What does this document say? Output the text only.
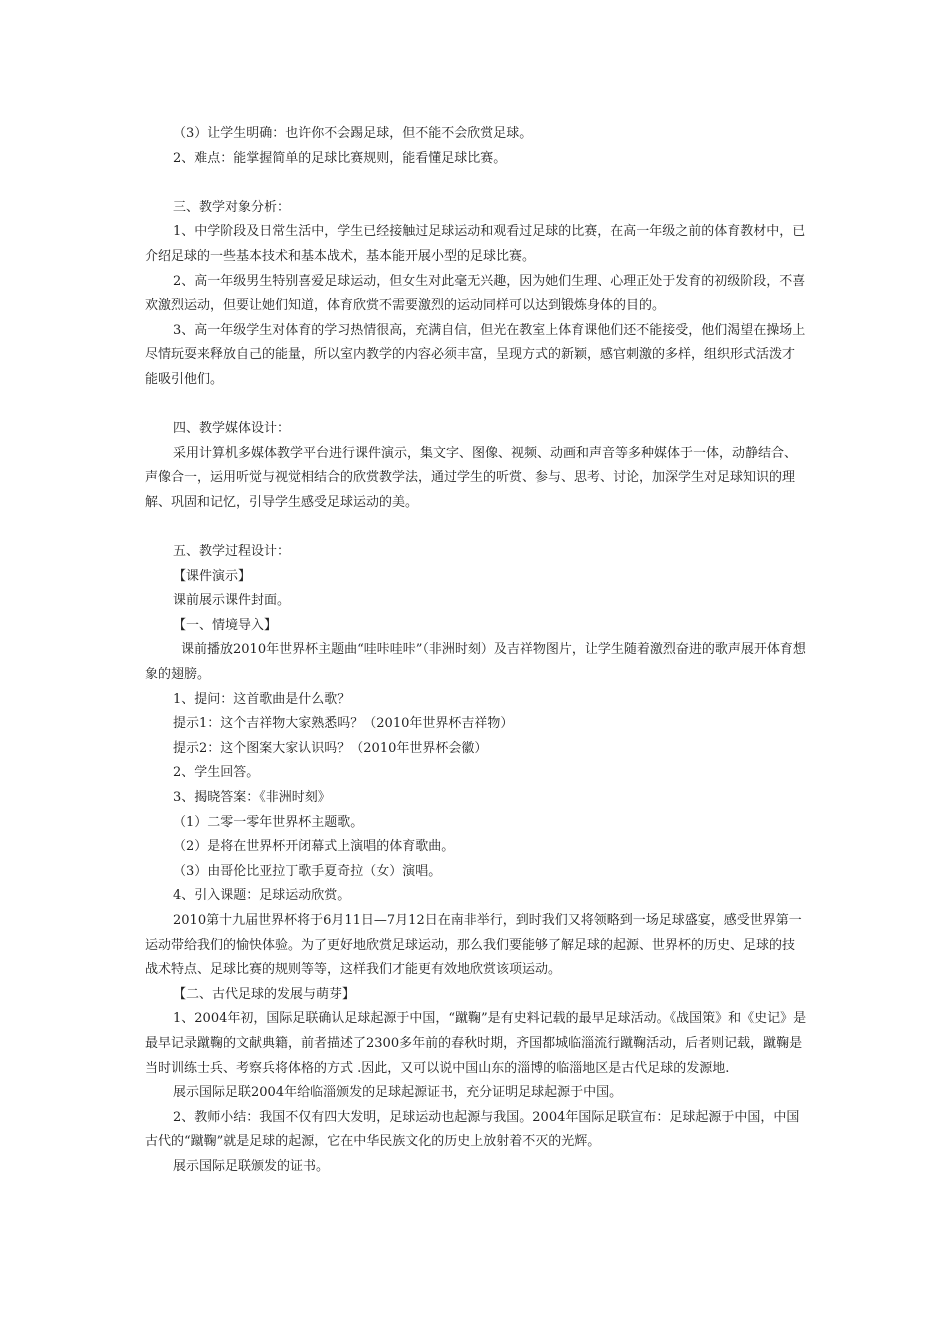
（3）让学生明确：也许你不会踢足球，但不能不会欣赏足球。

2、难点：能掌握简单的足球比赛规则，能看懂足球比赛。

三、教学对象分析：

1、中学阶段及日常生活中，学生已经接触过足球运动和观看过足球的比赛，在高一年级之前的体育教材中，已介绍足球的一些基本技术和基本战术，基本能开展小型的足球比赛。

2、高一年级男生特别喜爱足球运动，但女生对此毫无兴趣，因为她们生理、心理正处于发育的初级阶段，不喜欢激烈运动，但要让她们知道，体育欣赏不需要激烈的运动同样可以达到锻炼身体的目的。

3、高一年级学生对体育的学习热情很高，充满自信，但光在教室上体育课他们还不能接受，他们渴望在操场上尽情玩耍来释放自己的能量，所以室内教学的内容必须丰富，呈现方式的新颖，感官刺激的多样，组织形式活泼才能吸引他们。

四、教学媒体设计：

采用计算机多媒体教学平台进行课件演示，集文字、图像、视频、动画和声音等多种媒体于一体，动静结合、声像合一，运用听觉与视觉相结合的欣赏教学法，通过学生的听赏、参与、思考、讨论，加深学生对足球知识的理解、巩固和记忆，引导学生感受足球运动的美。

五、教学过程设计：

【课件演示】

课前展示课件封面。

【一、情境导入】

课前播放2010年世界杯主题曲“哇咔哇咔”（非洲时刻）及吉祥物图片，让学生随着激烈奋进的歌声展开体育想象的翅膀。

1、提问：这首歌曲是什么歌？

提示1：这个吉祥物大家熟悉吗？（2010年世界杯吉祥物）

提示2：这个图案大家认识吗？（2010年世界杯会徽）

2、学生回答。

3、揭晓答案：《非洲时刻》

（1）二零一零年世界杯主题歌。

（2）是将在世界杯开闭幕式上演唱的体育歌曲。

（3）由哥伦比亚拉丁歌手夏奇拉（女）演唱。

4、引入课题：足球运动欣赏。

2010第十九届世界杯将于6月11日—7月12日在南非举行，到时我们又将领略到一场足球盛宴，感受世界第一运动带给我们的愉快体验。为了更好地欣赏足球运动，那么我们要能够了解足球的起源、世界杯的历史、足球的技战术特点、足球比赛的规则等等，这样我们才能更有效地欣赏该项运动。

【二、古代足球的发展与萌芽】

1、2004年初，国际足联确认足球起源于中国，“蹴鞠”是有史料记载的最早足球活动。《战国策》和《史记》是最早记录蹴鞠的文献典籍，前者描述了2300多年前的春秋时期，齐国都城临淄流行蹴鞠活动，后者则记载，蹴鞠是当时训练士兵、考察兵将体格的方式 .因此，又可以说中国山东的淄博的临淄地区是古代足球的发源地.

展示国际足联2004年给临淄颁发的足球起源证书，充分证明足球起源于中国。

2、教师小结：我国不仅有四大发明，足球运动也起源与我国。2004年国际足联宣布：足球起源于中国，中国古代的“蹴鞠”就是足球的起源，它在中华民族文化的历史上放射着不灭的光辉。

展示国际足联颁发的证书。
